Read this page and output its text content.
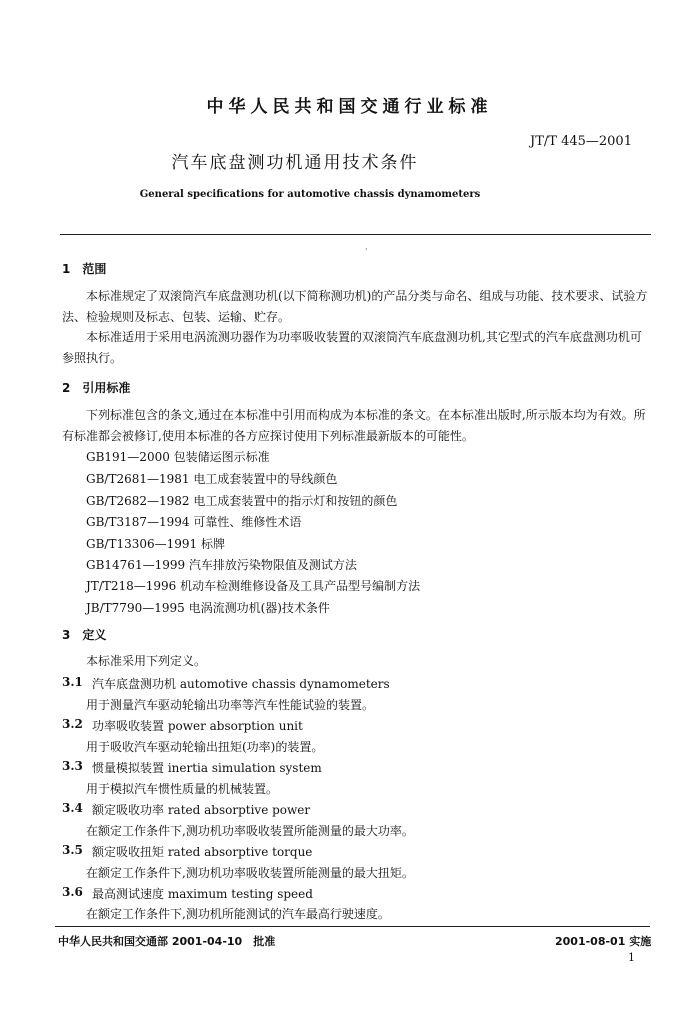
中华人民共和国交通行业标准
JT/T 445—2001
汽车底盘测功机通用技术条件
General specifications for automotive chassis dynamometers
·
1　范围
本标准规定了双滚筒汽车底盘测功机(以下简称测功机)的产品分类与命名、组成与功能、技术要求、试验方法、检验规则及标志、包装、运输、贮存。
本标准适用于采用电涡流测功器作为功率吸收装置的双滚筒汽车底盘测功机,其它型式的汽车底盘测功机可参照执行。
2　引用标准
下列标准包含的条文,通过在本标准中引用而构成为本标准的条文。在本标准出版时,所示版本均为有效。所有标准都会被修订,使用本标准的各方应探讨使用下列标准最新版本的可能性。
GB191—2000 包装储运图示标准
GB/T2681—1981 电工成套装置中的导线颜色
GB/T2682—1982 电工成套装置中的指示灯和按钮的颜色
GB/T3187—1994 可靠性、维修性术语
GB/T13306—1991 标牌
GB14761—1999 汽车排放污染物限值及测试方法
JT/T218—1996 机动车检测维修设备及工具产品型号编制方法
JB/T7790—1995 电涡流测功机(器)技术条件
3　定义
本标准采用下列定义。
3.1 汽车底盘测功机 automotive chassis dynamometers
用于测量汽车驱动轮输出功率等汽车性能试验的装置。
3.2 功率吸收装置 power absorption unit
用于吸收汽车驱动轮输出扭矩(功率)的装置。
3.3 惯量模拟装置 inertia simulation system
用于模拟汽车惯性质量的机械装置。
3.4 额定吸收功率 rated absorptive power
在额定工作条件下,测功机功率吸收装置所能测量的最大功率。
3.5 额定吸收扭矩 rated absorptive torque
在额定工作条件下,测功机功率吸收装置所能测量的最大扭矩。
3.6 最高测试速度 maximum testing speed
在额定工作条件下,测功机所能测试的汽车最高行驶速度。
中华人民共和国交通部 2001-04-10　批准	2001-08-01 实施
1
